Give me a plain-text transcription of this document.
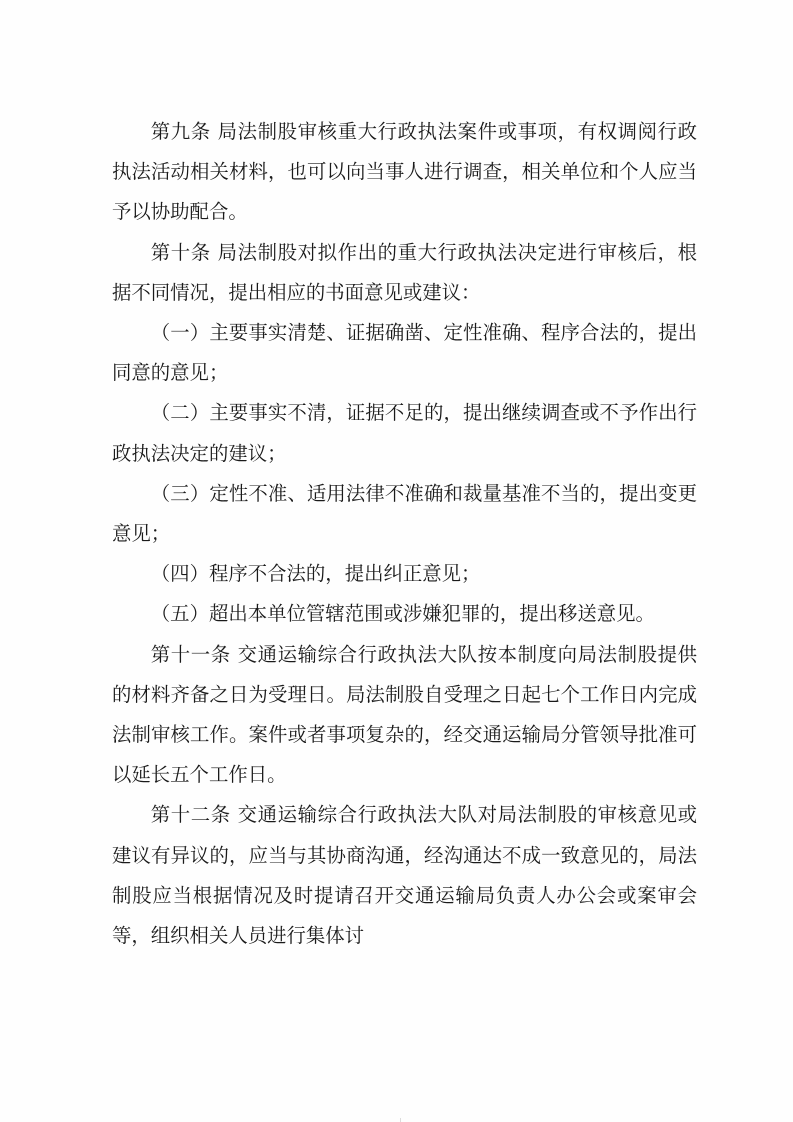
第九条 局法制股审核重大行政执法案件或事项，有权调阅行政执法活动相关材料，也可以向当事人进行调查，相关单位和个人应当予以协助配合。

第十条 局法制股对拟作出的重大行政执法决定进行审核后，根据不同情况，提出相应的书面意见或建议：

（一）主要事实清楚、证据确凿、定性准确、程序合法的，提出同意的意见；

（二）主要事实不清，证据不足的，提出继续调查或不予作出行政执法决定的建议；

（三）定性不准、适用法律不准确和裁量基准不当的，提出变更意见；

（四）程序不合法的，提出纠正意见；

（五）超出本单位管辖范围或涉嫌犯罪的，提出移送意见。

第十一条 交通运输综合行政执法大队按本制度向局法制股提供的材料齐备之日为受理日。局法制股自受理之日起七个工作日内完成法制审核工作。案件或者事项复杂的，经交通运输局分管领导批准可以延长五个工作日。

第十二条 交通运输综合行政执法大队对局法制股的审核意见或建议有异议的，应当与其协商沟通，经沟通达不成一致意见的，局法制股应当根据情况及时提请召开交通运输局负责人办公会或案审会等，组织相关人员进行集体讨
